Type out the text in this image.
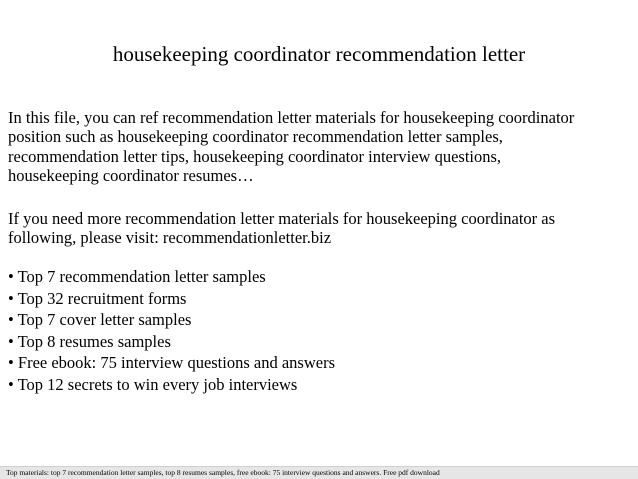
housekeeping coordinator recommendation letter
In this file, you can ref recommendation letter materials for housekeeping coordinator
position such as housekeeping coordinator recommendation letter samples,
recommendation letter tips, housekeeping coordinator interview questions,
housekeeping coordinator resumes…
If you need more recommendation letter materials for housekeeping coordinator as
following, please visit: recommendationletter.biz
• Top 7 recommendation letter samples
• Top 32 recruitment forms
• Top 7 cover letter samples
• Top 8 resumes samples
• Free ebook: 75 interview questions and answers
• Top 12 secrets to win every job interviews
Top materials: top 7 recommendation letter samples, top 8 resumes samples, free ebook: 75 interview questions and answers. Free pdf download
